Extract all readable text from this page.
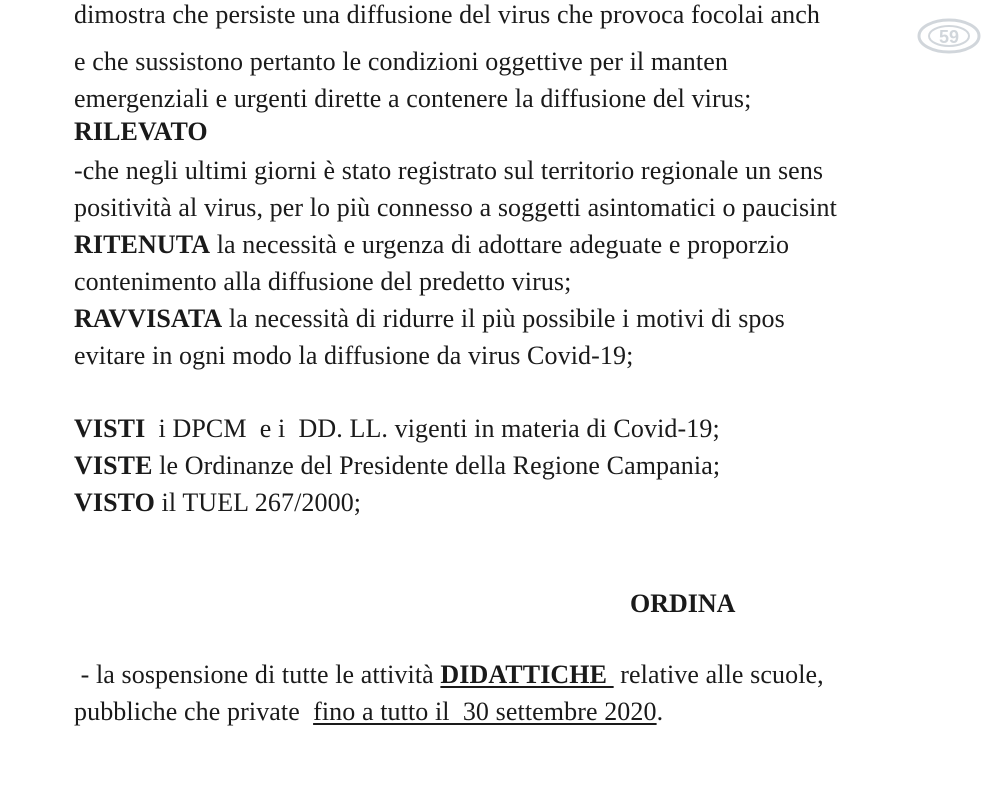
dimostra che persiste una diffusione del virus che provoca focolai anch
e che sussistono pertanto le condizioni oggettive per il manten
emergenziali e urgenti dirette a contenere la diffusione del virus;
RILEVATO
-che negli ultimi giorni è stato registrato sul territorio regionale un sens
positività al virus, per lo più connesso a soggetti asintomatici o paucisint
RITENUTA la necessità e urgenza di adottare adeguate e proporzio
contenimento alla diffusione del predetto virus;
RAVVISATA la necessità di ridurre il più possibile i motivi di spos
evitare in ogni modo la diffusione da virus Covid-19;
VISTI  i DPCM  e i  DD. LL. vigenti in materia di Covid-19;
VISTE le Ordinanze del Presidente della Regione Campania;
VISTO il TUEL 267/2000;
ORDINA
- la sospensione di tutte le attività DIDATTICHE  relative alle scuole,
pubbliche che private  fino a tutto il  30 settembre 2020.
59
